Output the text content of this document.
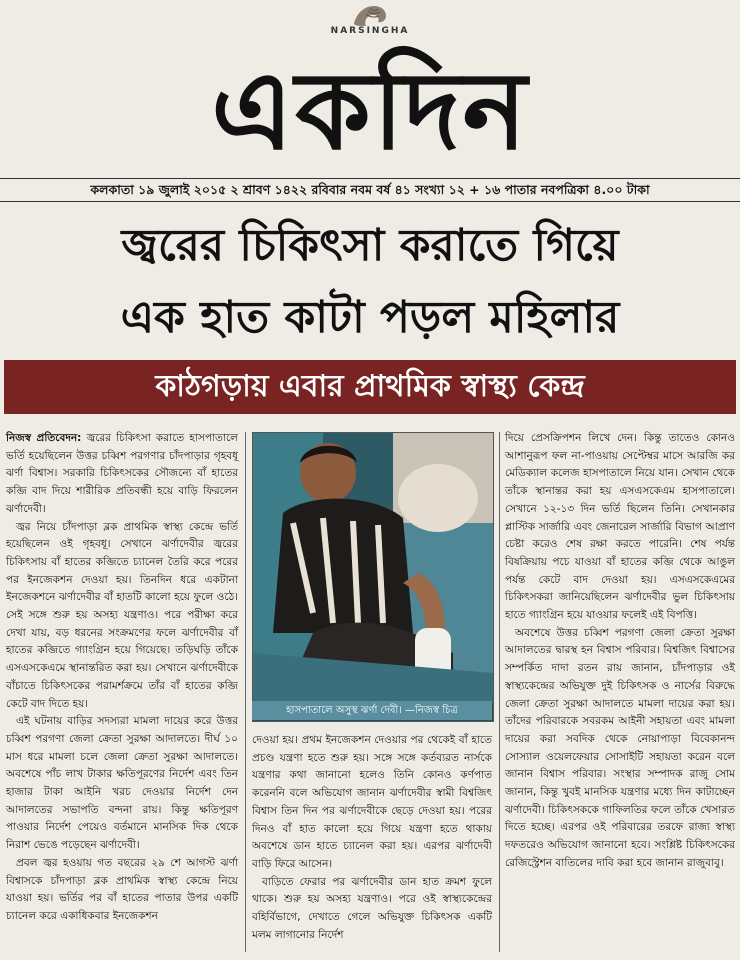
NARSINGHA
একদিন
কলকাতা ১৯ জুলাই ২০১৫ ২ শ্রাবণ ১৪২২ রবিবার নবম বর্ষ ৪১ সংখ্যা ১২ + ১৬ পাতার নবপত্রিকা ৪.০০ টাকা
জ্বরের চিকিৎসা করাতে গিয়ে
এক হাত কাটা পড়ল মহিলার
কাঠগড়ায় এবার প্রাথমিক স্বাস্থ্য কেন্দ্র

নিজস্ব প্রতিবেদন: জ্বরের চিকিৎসা করাতে হাসপাতালে ভর্তি হয়েছিলেন উত্তর চব্বিশ পরগণার চাঁদপাড়ার গৃহবধূ ঝর্ণা বিশ্বাস। সরকারি চিকিৎসকের সৌজন্যে বাঁ হাতের কব্জি বাদ দিয়ে শারীরিক প্রতিবন্ধী হয়ে বাড়ি ফিরলেন ঝর্ণাদেবী।

জ্বর নিয়ে চাঁদপাড়া ব্লক প্রাথমিক স্বাস্থ্য কেন্দ্রে ভর্তি হয়েছিলেন ওই গৃহবধূ। সেখানে ঝর্ণাদেবীর জ্বরের চিকিৎসায় বাঁ হাতের কব্জিতে চ্যানেল তৈরি করে পরের পর ইনজেকশন দেওয়া হয়। তিনদিন ধরে একটানা ইনজেকশনে ঝর্ণাদেবীর বাঁ হাতটি কালো হয়ে ফুলে ওঠে। সেই সঙ্গে শুরু হয় অসহ্য যন্ত্রণাও। পরে পরীক্ষা করে দেখা যায়, বড় ধরনের সংক্রমণের ফলে ঝর্ণাদেবীর বাঁ হাতের কব্জিতে গ্যাংগ্রিন হয়ে গিয়েছে। তড়িঘড়ি তাঁকে এসএসকেএমে স্থানান্তরিত করা হয়। সেখানে ঝর্ণাদেবীকে বাঁচাতে চিকিৎসকের পরামর্শক্রমে তাঁর বাঁ হাতের কব্জি কেটে বাদ দিতে হয়।

এই ঘটনায় বাড়ির সদস্যরা মামলা দায়ের করে উত্তর চব্বিশ পরগণা জেলা ক্রেতা সুরক্ষা আদালতে। দীর্ঘ ১০ মাস ধরে মামলা চলে জেলা ক্রেতা সুরক্ষা আদালতে। অবশেষে পাঁচ লাখ টাকার ক্ষতিপূরণের নির্দেশ এবং তিন হাজার টাকা আইনি খরচ দেওয়ার নির্দেশ দেন আদালতের সভাপতি বন্দনা রায়। কিন্তু ক্ষতিপূরণ পাওয়ার নির্দেশ পেয়েও বর্তমানে মানসিক দিক থেকে নিরাশ ভেঙে পড়েছেন ঝর্ণাদেবী।

প্রবল জ্বর হওয়ায় গত বছরের ২৯ শে আগস্ট ঝর্ণা বিশ্বাসকে চাঁদপাড়া ব্লক প্রাথমিক স্বাস্থ্য কেন্দ্রে নিয়ে যাওয়া হয়। ভর্তির পর বাঁ হাতের পাতার উপর একটি চ্যানেল করে একাধিকবার ইনজেকশন

হাসপাতালে অসুস্থ ঝর্ণা দেবী। —নিজস্ব চিত্র

দেওয়া হয়। প্রথম ইনজেকশন দেওয়ার পর থেকেই বাঁ হাতে প্রচণ্ড যন্ত্রণা হতে শুরু হয়। সঙ্গে সঙ্গে কর্তব্যরত নার্সকে যন্ত্রণার কথা জানানো হলেও তিনি কোনও কর্ণপাত করেননি বলে অভিযোগ জানান ঝর্ণাদেবীর স্বামী বিশ্বজিৎ বিশ্বাস তিন দিন পর ঝর্ণাদেবীকে ছেড়ে দেওয়া হয়। পরের দিনও বাঁ হাত কালো হয়ে গিয়ে যন্ত্রণা হতে থাকায় অবশেষে ডান হাতে চ্যানেল করা হয়। এরপর ঝর্ণাদেবী বাড়ি ফিরে আসেন।

বাড়িতে ফেরার পর ঝর্ণাদেবীর ডান হাত ক্রমশ ফুলে থাকে। শুরু হয় অসহ্য যন্ত্রণাও। পরে ওই স্বাস্থ্যকেন্দ্রের বহির্বিভাগে, দেখাতে গেলে অভিযুক্ত চিকিৎসক একটি মলম লাগানোর নির্দেশ

দিয়ে প্রেসক্রিপশন লিখে দেন। কিন্তু তাতেও কোনও আশানুরূপ ফল না-পাওয়ায় সেপ্টেম্বর মাসে আরজি কর মেডিক্যাল কলেজ হাসপাতালে নিয়ে যান। সেখান থেকে তাঁকে স্থানান্তর করা হয় এসএসকেএম হাসপাতালে। সেখানে ১২-১৩ দিন ভর্তি ছিলেন তিনি। সেখানকার প্লাস্টিক সার্জারি এবং জেনারেল সার্জারি বিভাগ আপ্রাণ চেষ্টা করেও শেষ রক্ষা করতে পারেনি। শেষ পর্যন্ত বিষক্রিয়ায় পচে যাওয়া বাঁ হাতের কব্জি থেকে আঙুল পর্যন্ত কেটে বাদ দেওয়া হয়। এসএসকেএমের চিকিৎসকরা জানিয়েছিলেন ঝর্ণাদেবীর ভুল চিকিৎসায় হাতে গ্যাংগ্রিন হয়ে যাওয়ার ফলেই এই বিপত্তি।

অবশেষে উত্তর চব্বিশ পরগণা জেলা ক্রেতা সুরক্ষা আদালতের দ্বারস্থ হন বিশ্বাস পরিবার। বিশ্বজিৎ বিশ্বাসের সম্পর্কিত দাদা রতন রায় জানান, চাঁদপাড়ার ওই স্বাস্থ্যকেন্দ্রের অভিযুক্ত দুই চিকিৎসক ও নার্সের বিরুদ্ধে জেলা ক্রেতা সুরক্ষা আদালতে মামলা দায়ের করা হয়। তাঁদের পরিবারকে সবরকম আইনী সহায়তা এবং মামলা দায়ের করা সবদিক থেকে নোয়াপাড়া বিবেকানন্দ সোস্যাল ওয়েলফেয়ার সোসাইটি সহায়তা করেন বলে জানান বিশ্বাস পরিবার। সংস্থার সম্পাদক রাজু সোম জানান, কিন্তু খুবই মানসিক যন্ত্রণার মধ্যে দিন কাটাচ্ছেন ঝর্ণাদেবী। চিকিৎসককে গাফিলতির ফলে তাঁকে খেসারত দিতে হচ্ছে। এরপর ওই পরিবারের তরফে রাজ্য স্বাস্থ্য দফতরেও অভিযোগ জানানো হবে। সংশ্লিষ্ট চিকিৎসকের রেজিস্ট্রেশন বাতিলের দাবি করা হবে জানান রাজুবাবু।
